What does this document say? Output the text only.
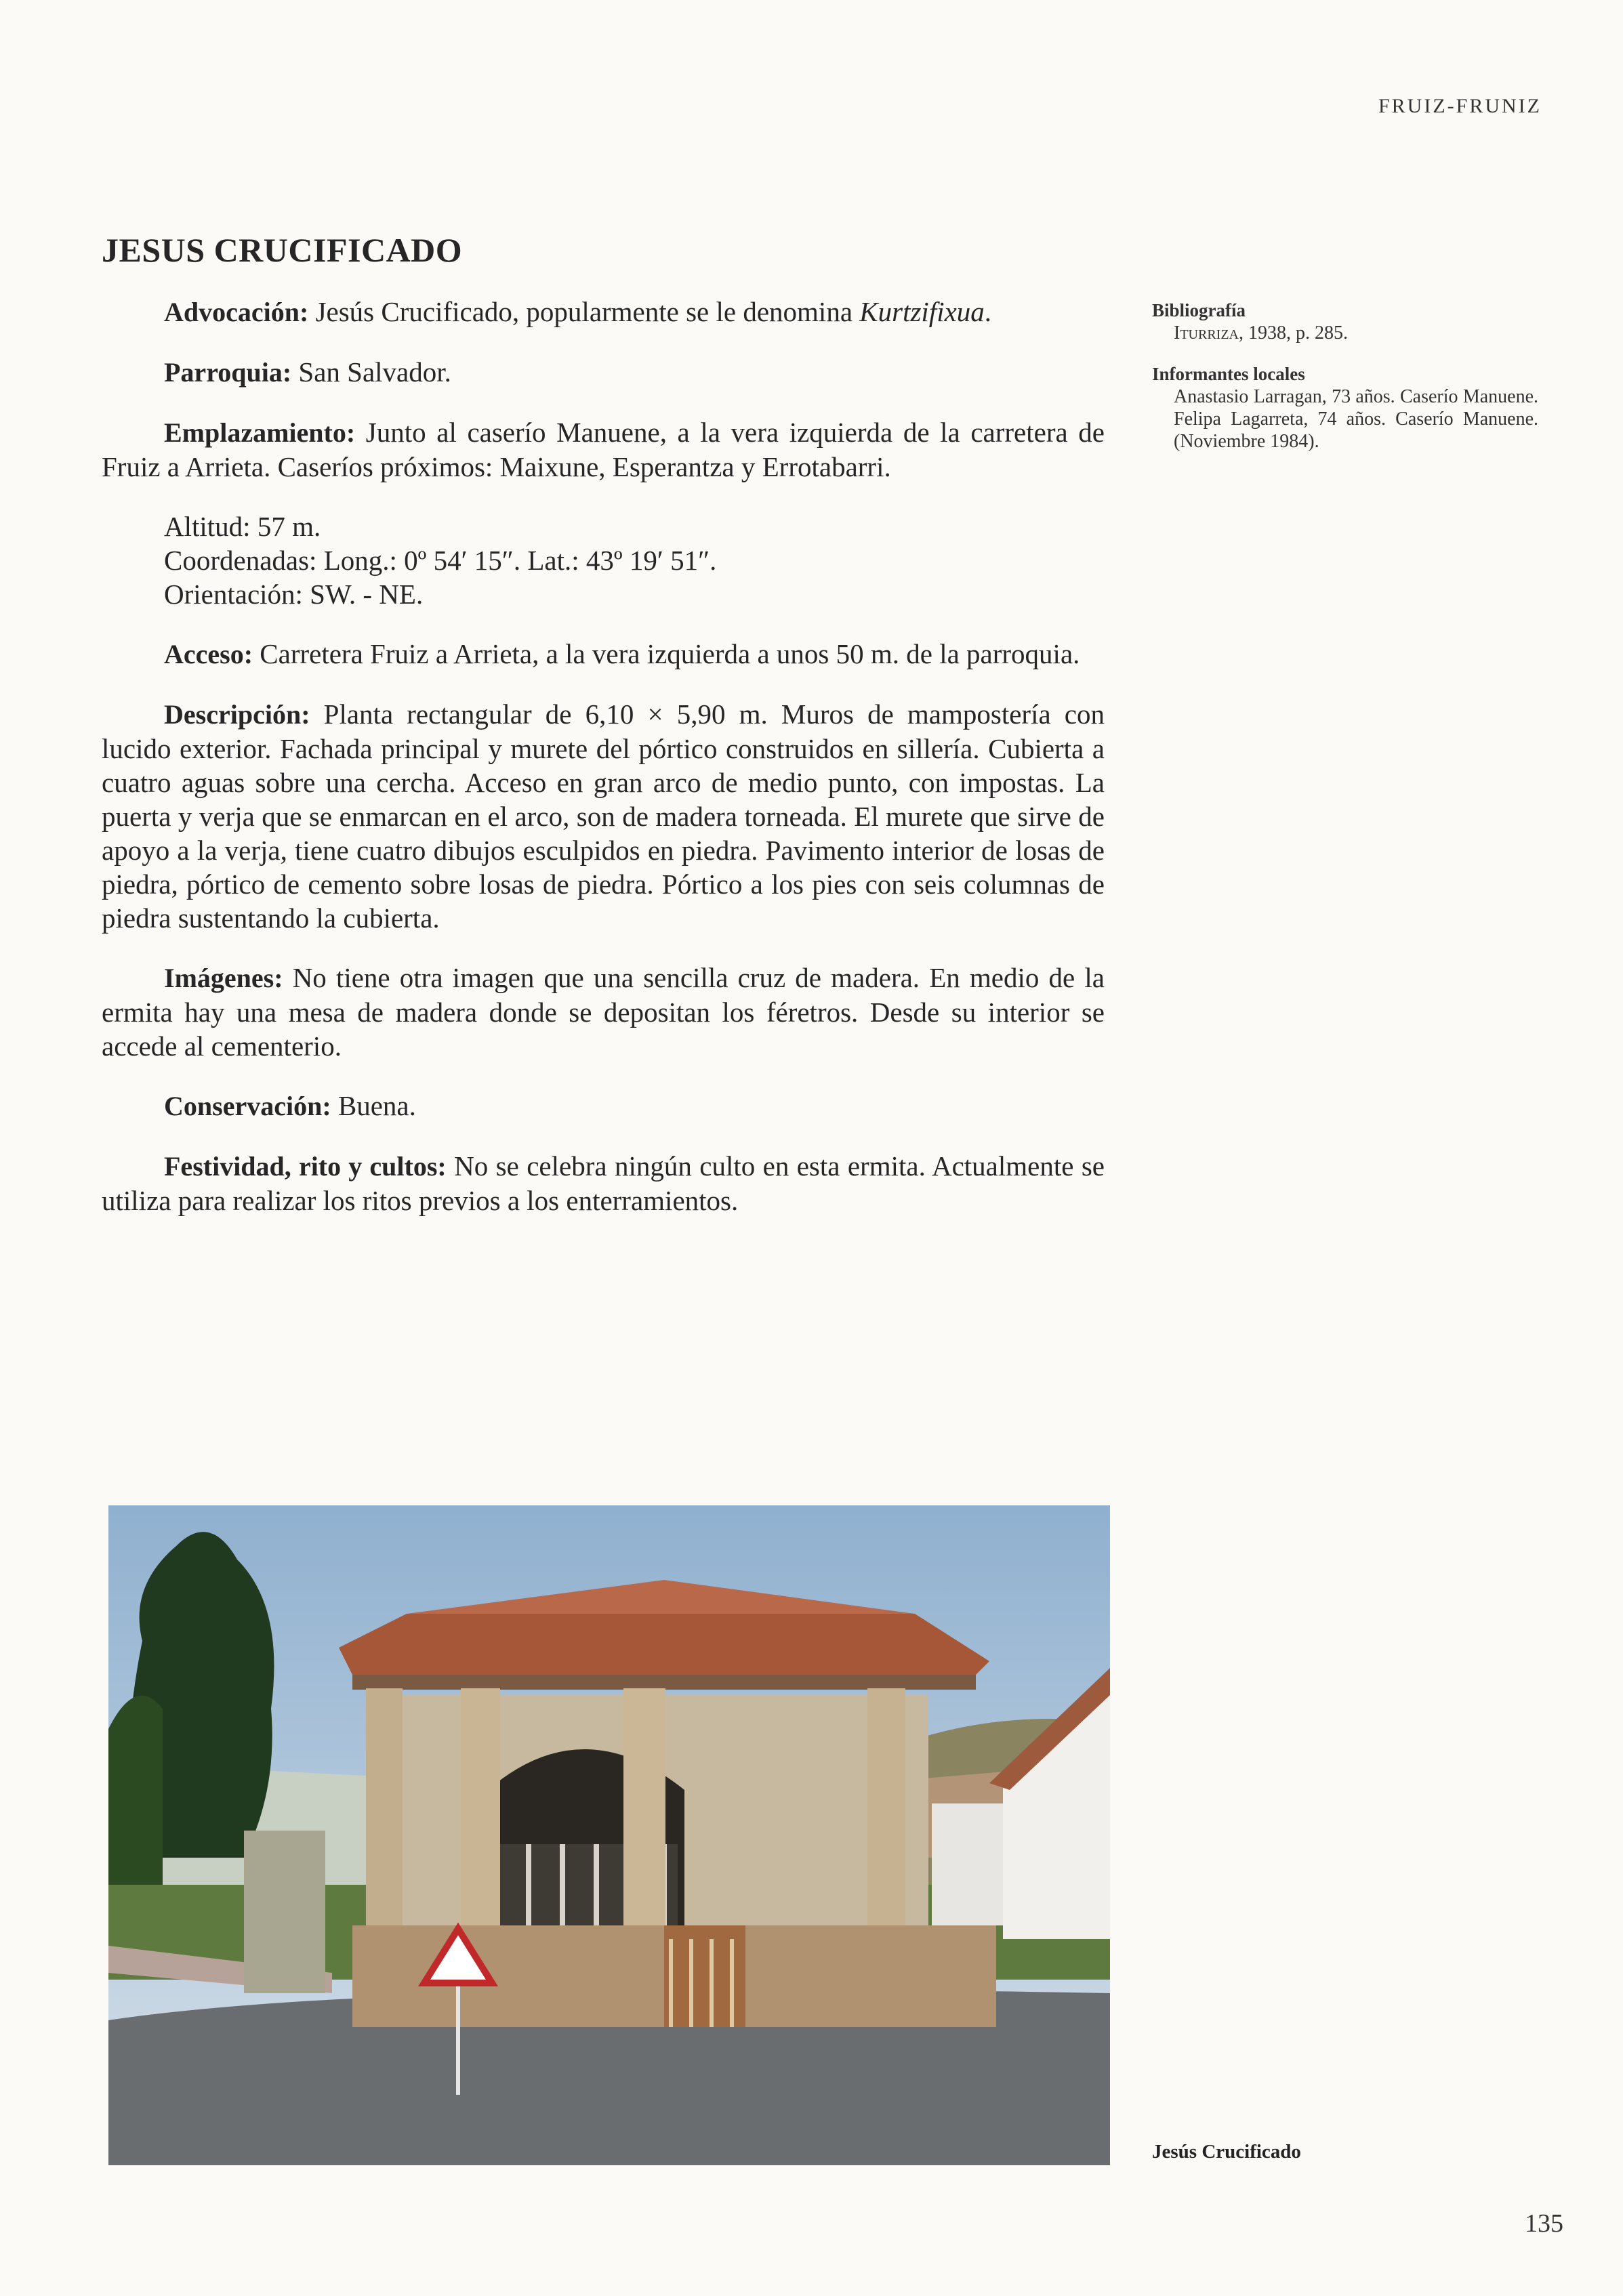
FRUIZ-FRUNIZ
JESUS CRUCIFICADO

Advocación: Jesús Crucificado, popularmente se le denomina Kurtzifixua.

Parroquia: San Salvador.

Emplazamiento: Junto al caserío Manuene, a la vera izquierda de la carretera de Fruiz a Arrieta. Caseríos próximos: Maixune, Esperantza y Errotabarri.

Altitud: 57 m.
Coordenadas: Long.: 0º 54′ 15″. Lat.: 43º 19′ 51″.
Orientación: SW. - NE.

Acceso: Carretera Fruiz a Arrieta, a la vera izquierda a unos 50 m. de la parroquia.

Descripción: Planta rectangular de 6,10 × 5,90 m. Muros de mampostería con lucido exterior. Fachada principal y murete del pórtico construidos en sillería. Cubierta a cuatro aguas sobre una cercha. Acceso en gran arco de medio punto, con impostas. La puerta y verja que se enmarcan en el arco, son de madera torneada. El murete que sirve de apoyo a la verja, tiene cuatro dibujos esculpidos en piedra. Pavimento interior de losas de piedra, pórtico de cemento sobre losas de piedra. Pórtico a los pies con seis columnas de piedra sustentando la cubierta.

Imágenes: No tiene otra imagen que una sencilla cruz de madera. En medio de la ermita hay una mesa de madera donde se depositan los féretros. Desde su interior se accede al cementerio.

Conservación: Buena.

Festividad, rito y cultos: No se celebra ningún culto en esta ermita. Actualmente se utiliza para realizar los ritos previos a los enterramientos.

Bibliografía
Iturriza, 1938, p. 285.
Informantes locales
Anastasio Larragan, 73 años. Caserío Manuene. Felipa Lagarreta, 74 años. Caserío Manuene. (Noviembre 1984).
Jesús Crucificado
135
